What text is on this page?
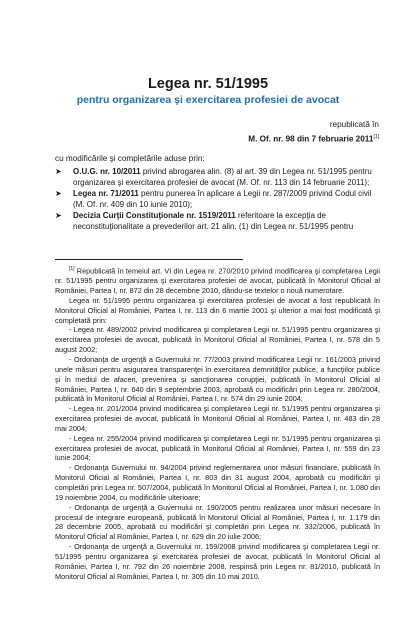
Legea nr. 51/1995
pentru organizarea şi exercitarea profesiei de avocat
republicată în
M. Of. nr. 98 din 7 februarie 2011[1]
cu modificările şi completările aduse prin:
➤ O.U.G. nr. 10/2011 privind abrogarea alin. (8) al art. 39 din Legea nr. 51/1995 pentru organizarea şi exercitarea profesiei de avocat (M. Of. nr. 113 din 14 februarie 2011);
➤ Legea nr. 71/2011 pentru punerea în aplicare a Legii nr. 287/2009 privind Codul civil (M. Of. nr. 409 din 10 iunie 2010);
➤ Decizia Curţii Constituţionale nr. 1519/2011 referitoare la excepţia de neconstituţionalitate a prevederilor art. 21 alin. (1) din Legea nr. 51/1995 pentru

[1] Republicată în temeiul art. VI din Legea nr. 270/2010 privind modificarea şi completarea Legii nr. 51/1995 pentru organizarea şi exercitarea profesiei de avocat, publicată în Monitorul Oficial al României, Partea I, nr. 872 din 28 decembrie 2010, dându-se textelor o nouă numerotare.

Legea nr. 51/1995 pentru organizarea şi exercitarea profesiei de avocat a fost republicată în Monitorul Oficial al României, Partea I, nr. 113 din 6 martie 2001 şi ulterior a mai fost modificată şi completată prin:

- Legea nr. 489/2002 privind modificarea şi completarea Legii nr. 51/1995 pentru organizarea şi exercitarea profesiei de avocat, publicată în Monitorul Oficial al României, Partea I, nr. 578 din 5 august 2002;

- Ordonanţa de urgenţă a Guvernului nr. 77/2003 privind modificarea Legii nr. 161/2003 privind unele măsuri pentru asigurarea transparenţei în exercitarea demnităţilor publice, a funcţiilor publice şi în mediul de afaceri, prevenirea şi sancţionarea corupţiei, publicată în Monitorul Oficial al României, Partea I, nr. 640 din 9 septembrie 2003, aprobată cu modificări prin Legea nr. 280/2004, publicată în Monitorul Oficial al României, Partea I, nr. 574 din 29 iunie 2004;

- Legea nr. 201/2004 privind modificarea şi completarea Legii nr. 51/1995 pentru organizarea şi exercitarea profesiei de avocat, publicată în Monitorul Oficial al României, Partea I, nr. 483 din 28 mai 2004;

- Legea nr. 255/2004 privind modificarea şi completarea Legii nr. 51/1995 pentru organizarea şi exercitarea profesiei de avocat, publicată în Monitorul Oficial al României, Partea I, nr. 559 din 23 iunie 2004;

- Ordonanţa Guvernului nr. 94/2004 privind reglementarea unor măsuri financiare, publicată în Monitorul Oficial al României, Partea I, nr. 803 din 31 august 2004, aprobată cu modificări şi completări prin Legea nr. 507/2004, publicată în Monitorul Oficial al României, Partea I, nr. 1.080 din 19 noiembrie 2004, cu modificările ulterioare;

- Ordonanţa de urgenţă a Guvernului nr. 190/2005 pentru realizarea unor măsuri necesare în procesul de integrare europeană, publicată în Monitorul Oficial al României, Partea I, nr. 1.179 din 28 decembrie 2005, aprobată cu modificări şi completări prin Legea nr. 332/2006, publicată în Monitorul Oficial al României, Partea I, nr. 629 din 20 iulie 2006;

- Ordonanţa de urgenţă a Guvernului nr. 159/2008 privind modificarea şi completarea Legii nr. 51/1995 pentru organizarea şi exercitarea profesiei de avocat, publicată în Monitorul Oficial al României, Partea I, nr. 792 din 26 noiembrie 2008, respinsă prin Legea nr. 81/2010, publicată în Monitorul Oficial al României, Partea I, nr. 305 din 10 mai 2010.
